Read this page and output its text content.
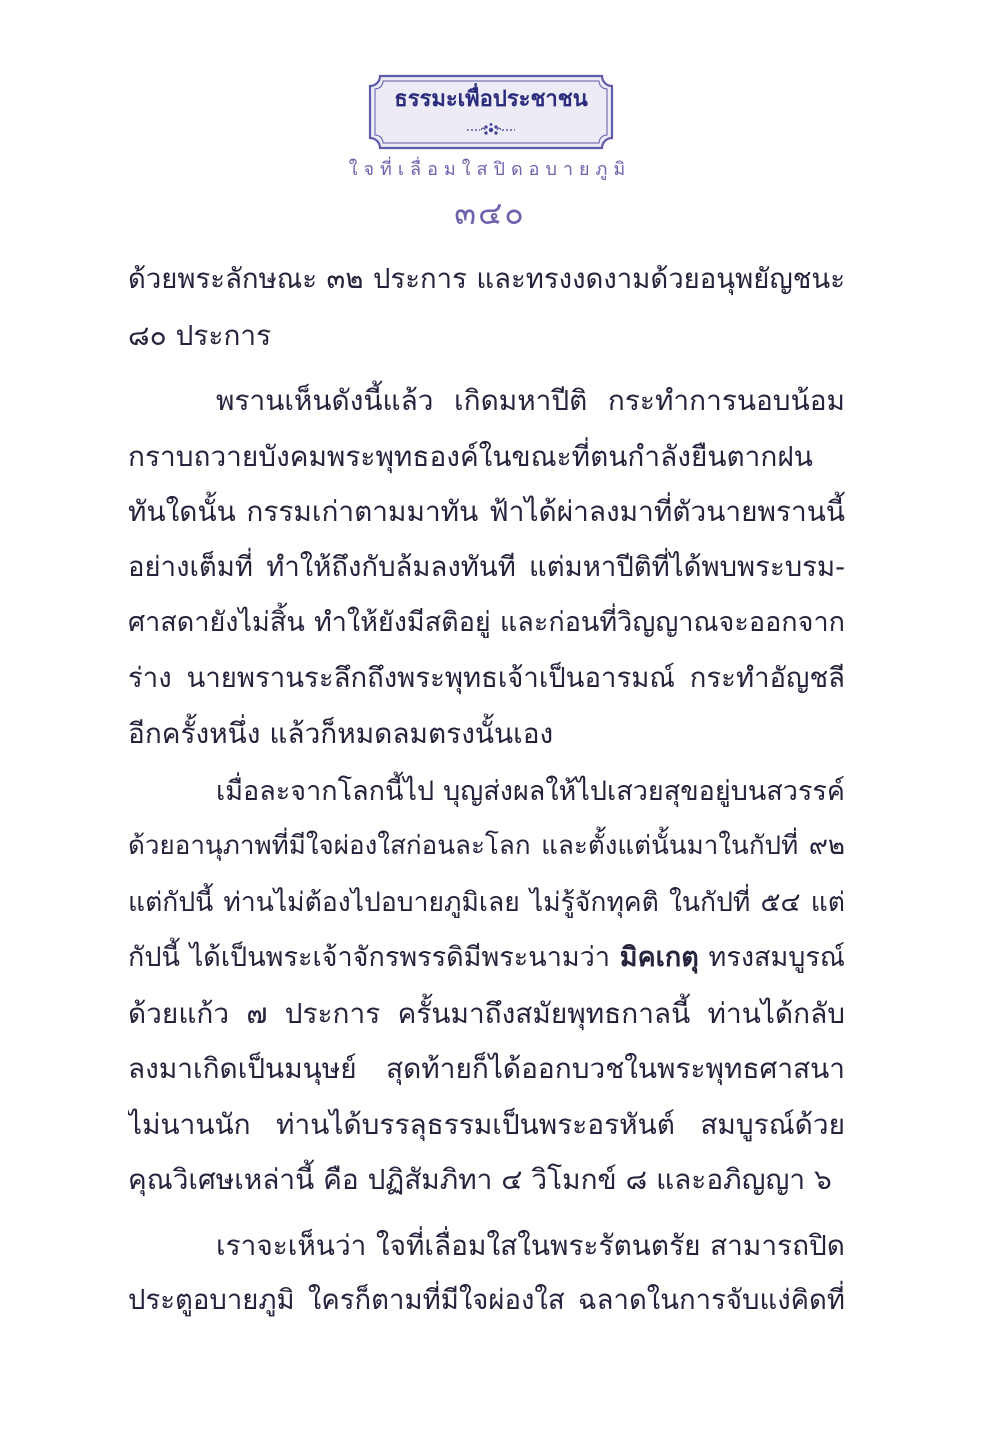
ธรรมะเพื่อประชาชน
ใจที่เลื่อมใสปิดอบายภูมิ
๓๔๐
ด้วยพระลักษณะ ๓๒ ประการ และทรงงดงามด้วยอนุพยัญชนะ
๘๐ ประการ
พรานเห็นดังนี้แล้ว เกิดมหาปีติ กระทำการนอบน้อม
กราบถวายบังคมพระพุทธองค์ในขณะที่ตนกำลังยืนตากฝน
ทันใดนั้น กรรมเก่าตามมาทัน ฟ้าได้ผ่าลงมาที่ตัวนายพรานนี้
อย่างเต็มที่ ทำให้ถึงกับล้มลงทันที แต่มหาปีติที่ได้พบพระบรม-
ศาสดายังไม่สิ้น ทำให้ยังมีสติอยู่ และก่อนที่วิญญาณจะออกจาก
ร่าง นายพรานระลึกถึงพระพุทธเจ้าเป็นอารมณ์ กระทำอัญชลี
อีกครั้งหนึ่ง แล้วก็หมดลมตรงนั้นเอง
เมื่อละจากโลกนี้ไป บุญส่งผลให้ไปเสวยสุขอยู่บนสวรรค์
ด้วยอานุภาพที่มีใจผ่องใสก่อนละโลก และตั้งแต่นั้นมาในกัปที่ ๙๒
แต่กัปนี้ ท่านไม่ต้องไปอบายภูมิเลย ไม่รู้จักทุคติ ในกัปที่ ๕๔ แต่
กัปนี้ ได้เป็นพระเจ้าจักรพรรดิมีพระนามว่า มิคเกตุ ทรงสมบูรณ์
ด้วยแก้ว ๗ ประการ ครั้นมาถึงสมัยพุทธกาลนี้ ท่านได้กลับ
ลงมาเกิดเป็นมนุษย์ สุดท้ายก็ได้ออกบวชในพระพุทธศาสนา
ไม่นานนัก ท่านได้บรรลุธรรมเป็นพระอรหันต์ สมบูรณ์ด้วย
คุณวิเศษเหล่านี้ คือ ปฏิสัมภิทา ๔ วิโมกข์ ๘ และอภิญญา ๖
เราจะเห็นว่า ใจที่เลื่อมใสในพระรัตนตรัย สามารถปิด
ประตูอบายภูมิ ใครก็ตามที่มีใจผ่องใส ฉลาดในการจับแง่คิดที่
